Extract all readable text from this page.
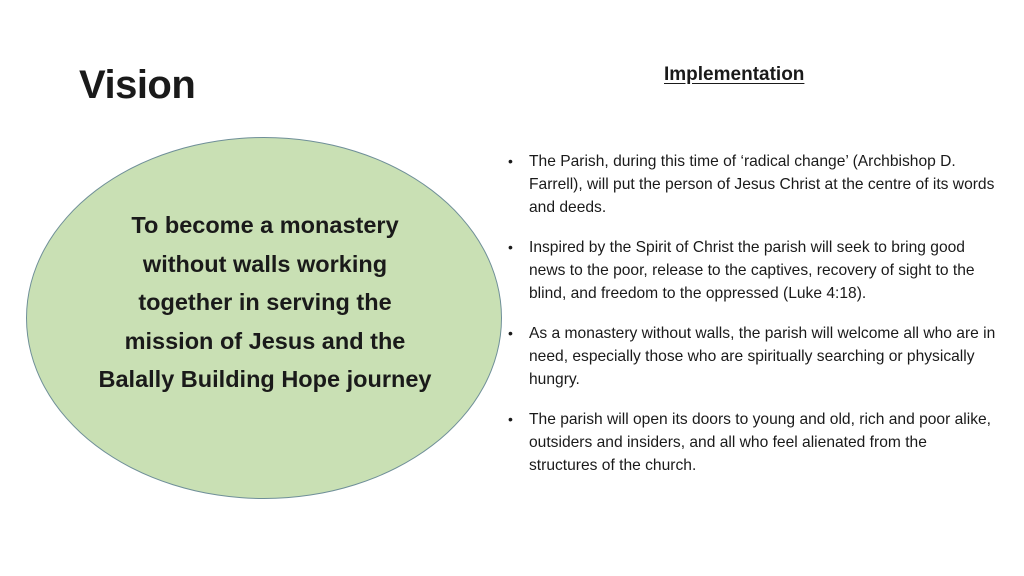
Vision	Implementation
To become a monastery without walls working together in serving the mission of Jesus and the Balally Building Hope journey
• The Parish, during this time of ‘radical change’ (Archbishop D. Farrell), will put the person of Jesus Christ at the centre of its words and deeds.
• Inspired by the Spirit of Christ the parish will seek to bring good news to the poor, release to the captives, recovery of sight to the blind, and freedom to the oppressed (Luke 4:18).
• As a monastery without walls, the parish will welcome all who are in need, especially those who are spiritually searching or physically hungry.
• The parish will open its doors to young and old, rich and poor alike, outsiders and insiders, and all who feel alienated from the structures of the church.
